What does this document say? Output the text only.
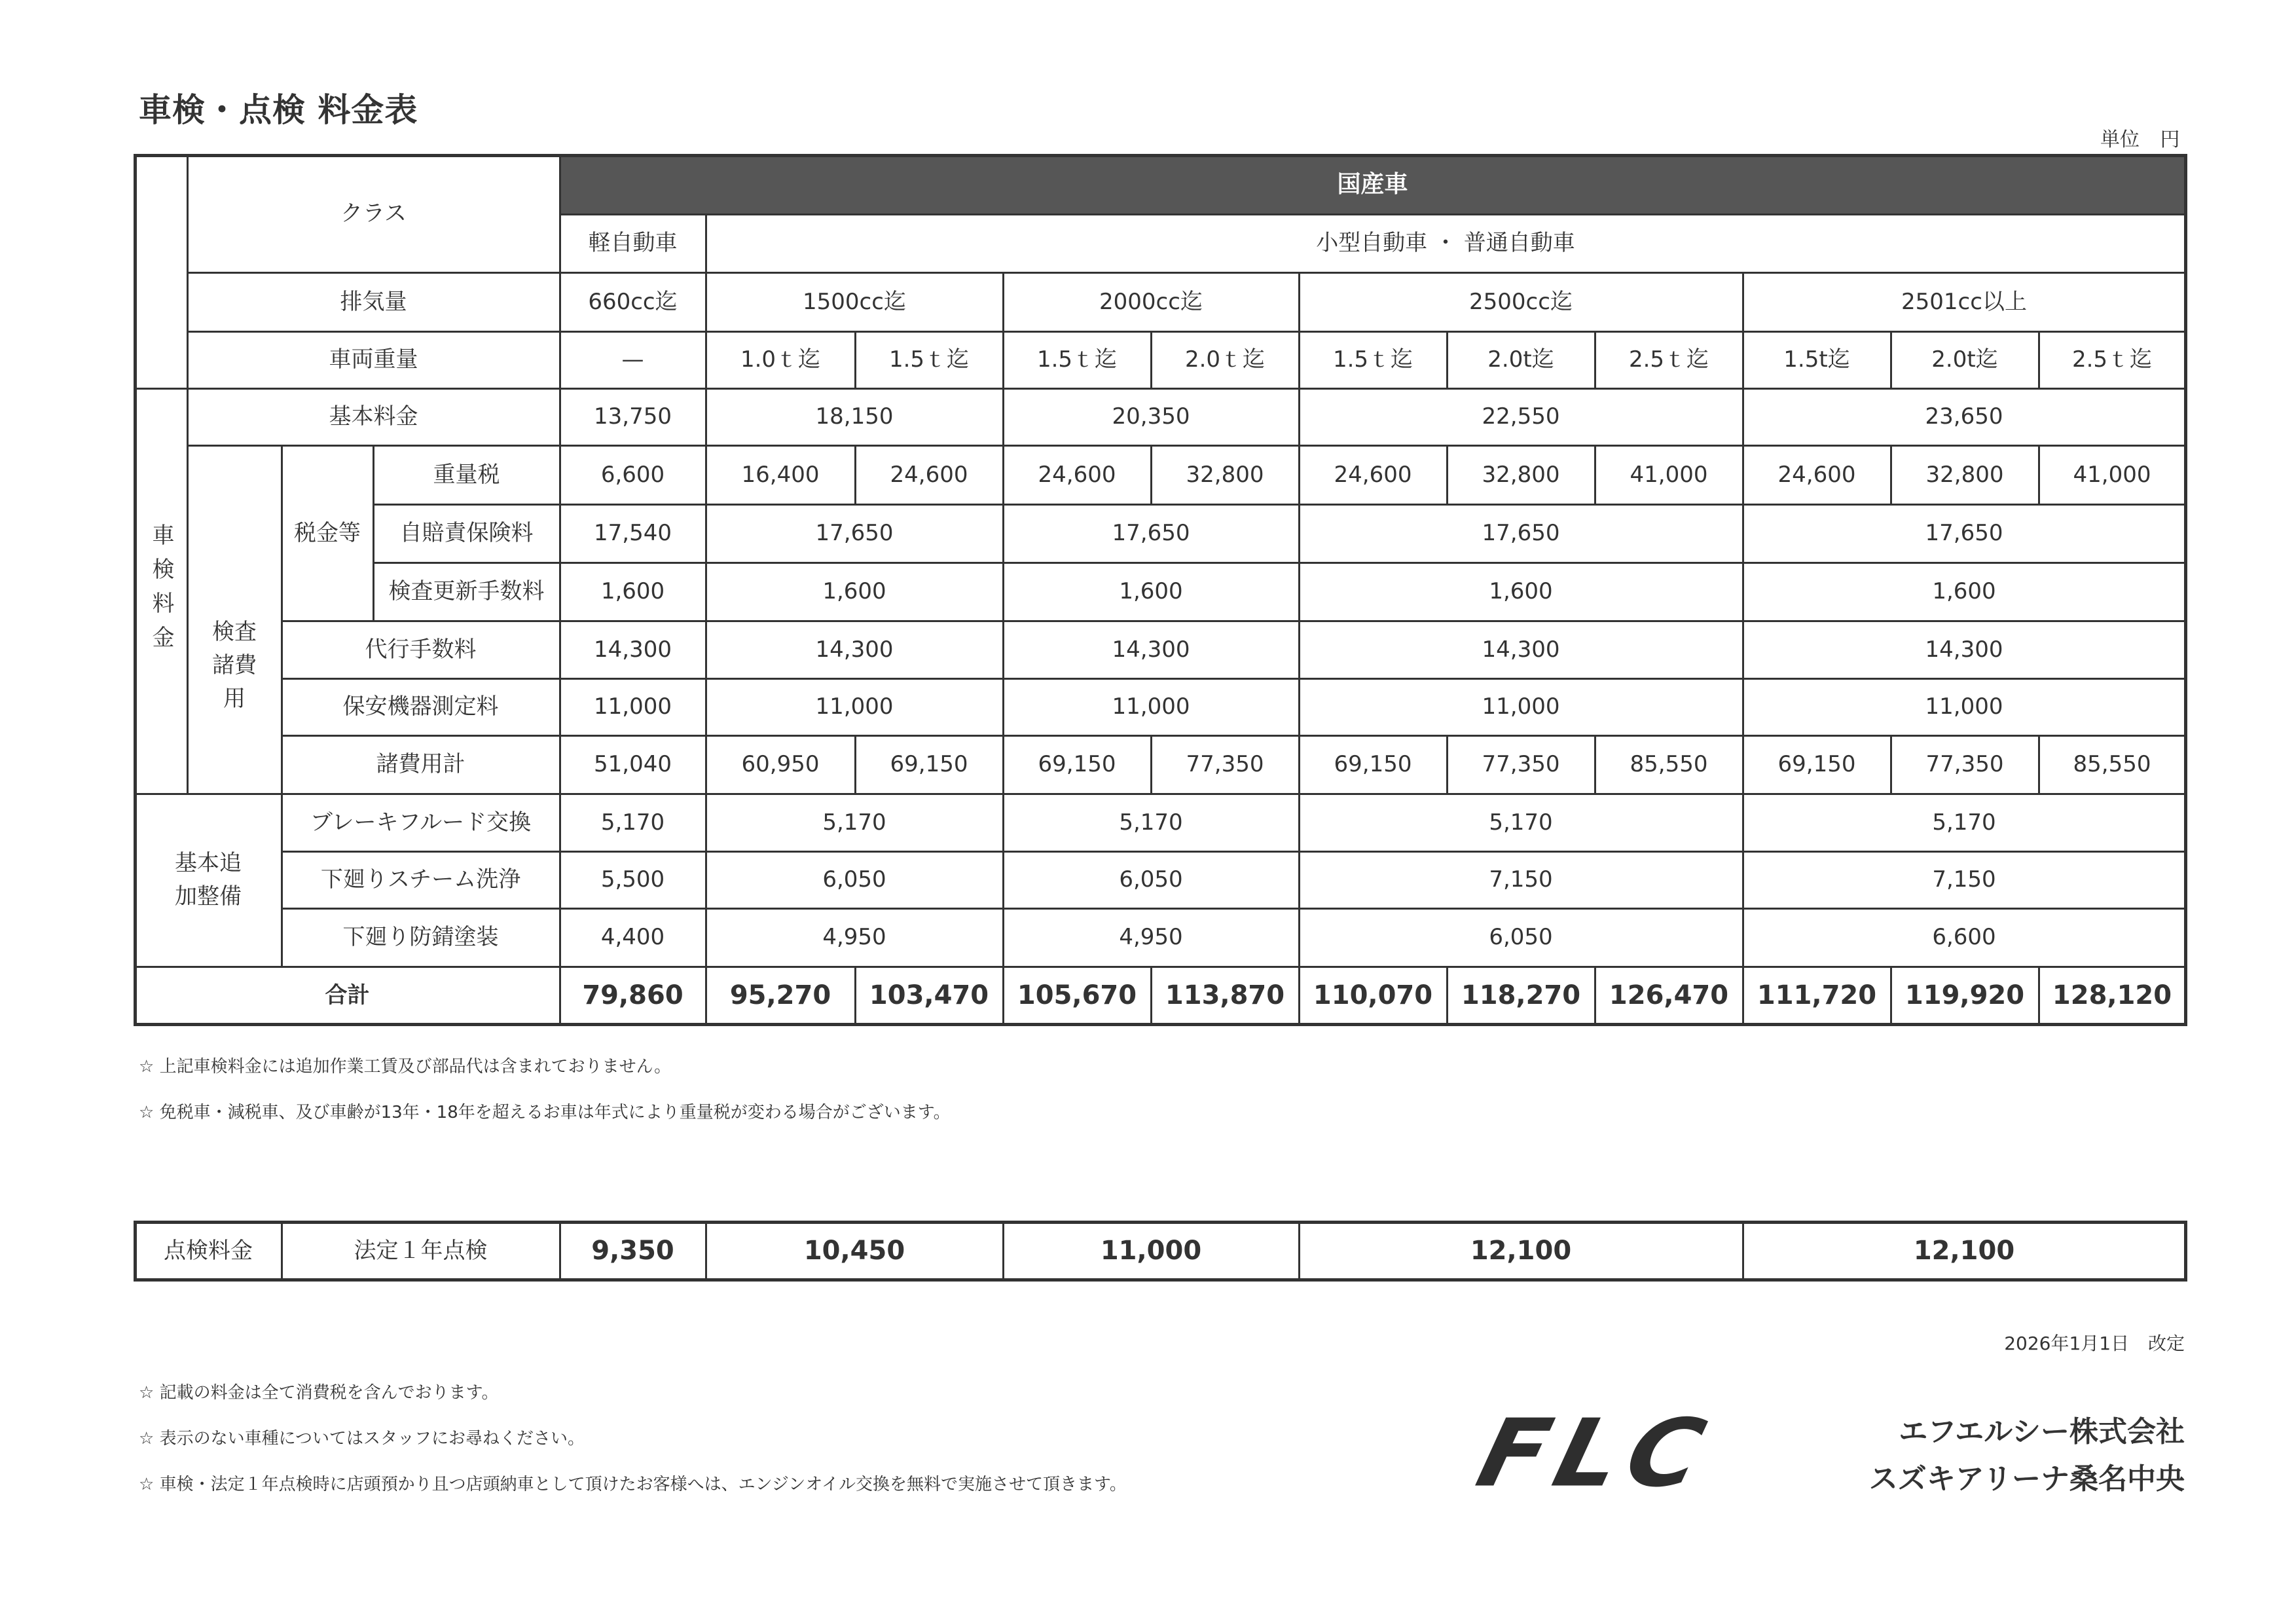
車検・点検 料金表
単位 円
車検料金
クラス
国産車
軽自動車	小型自動車 ・ 普通自動車
排気量	660cc迄	1500cc迄	2000cc迄	2500cc迄	2501cc以上
車両重量	—	1.0ｔ迄	1.5ｔ迄	1.5ｔ迄	2.0ｔ迄	1.5ｔ迄	2.0t迄	2.5ｔ迄	1.5t迄	2.0t迄	2.5ｔ迄
基本料金	13,750	18,150	20,350	22,550	23,650
検査諸費用
税金等
重量税	6,600	16,400	24,600	24,600	32,800	24,600	32,800	41,000	24,600	32,800	41,000
自賠責保険料	17,540	17,650	17,650	17,650	17,650
検査更新手数料	1,600	1,600	1,600	1,600	1,600
代行手数料	14,300	14,300	14,300	14,300	14,300
保安機器測定料	11,000	11,000	11,000	11,000	11,000
諸費用計	51,040	60,950	69,150	69,150	77,350	69,150	77,350	85,550	69,150	77,350	85,550
基本追加整備
ブレーキフルード交換	5,170	5,170	5,170	5,170	5,170
下廻りスチーム洗浄	5,500	6,050	6,050	7,150	7,150
下廻り防錆塗装	4,400	4,950	4,950	6,050	6,600
合計	79,860	95,270	103,470	105,670	113,870	110,070	118,270	126,470	111,720	119,920	128,120
☆ 上記車検料金には追加作業工賃及び部品代は含まれておりません。
☆ 免税車・減税車、及び車齢が13年・18年を超えるお車は年式により重量税が変わる場合がございます。
点検料金	法定１年点検	9,350	10,450	11,000	12,100	12,100
2026年1月1日 改定
☆ 記載の料金は全て消費税を含んでおります。
☆ 表示のない車種についてはスタッフにお尋ねください。
☆ 車検・法定１年点検時に店頭預かり且つ店頭納車として頂けたお客様へは、エンジンオイル交換を無料で実施させて頂きます。	FLC	エフエルシー株式会社
スズキアリーナ桑名中央
